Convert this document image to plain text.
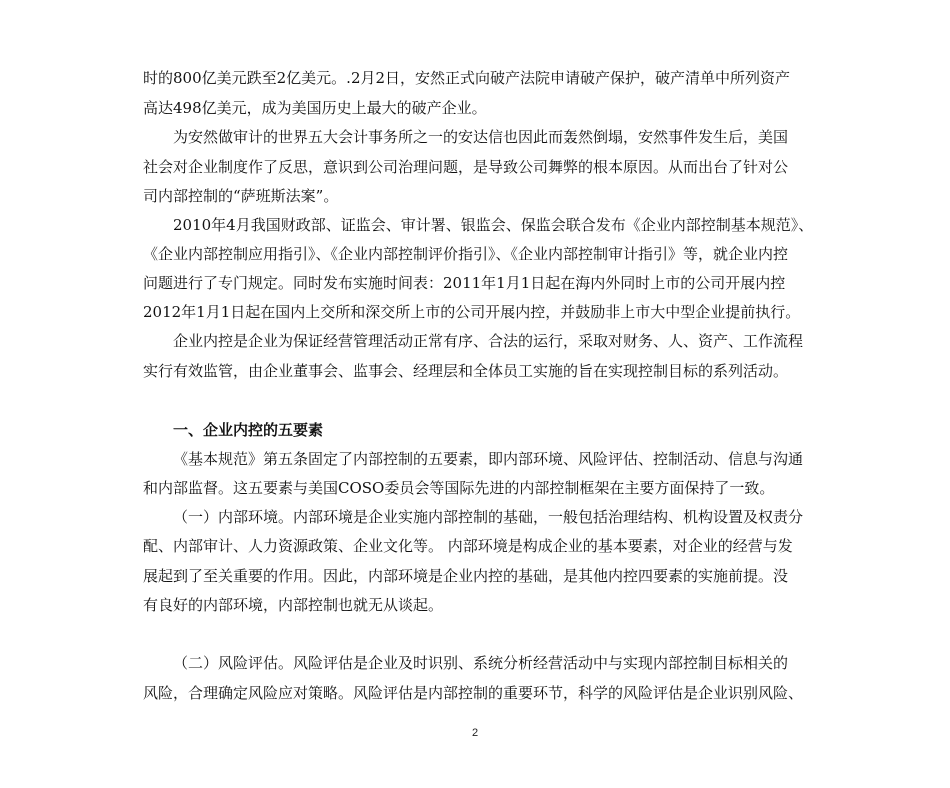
时的800亿美元跌至2亿美元。.2月2日，安然正式向破产法院申请破产保护，破产清单中所列资产
高达498亿美元，成为美国历史上最大的破产企业。
为安然做审计的世界五大会计事务所之一的安达信也因此而轰然倒塌，安然事件发生后，美国
社会对企业制度作了反思，意识到公司治理问题，是导致公司舞弊的根本原因。从而出台了针对公
司内部控制的“萨班斯法案”。
2010年4月我国财政部、证监会、审计署、银监会、保监会联合发布《企业内部控制基本规范》、
《企业内部控制应用指引》、《企业内部控制评价指引》、《企业内部控制审计指引》等，就企业内控
问题进行了专门规定。同时发布实施时间表：2011年1月1日起在海内外同时上市的公司开展内控
2012年1月1日起在国内上交所和深交所上市的公司开展内控，并鼓励非上市大中型企业提前执行。
企业内控是企业为保证经营管理活动正常有序、合法的运行，采取对财务、人、资产、工作流程
实行有效监管，由企业董事会、监事会、经理层和全体员工实施的旨在实现控制目标的系列活动。
一、企业内控的五要素
《基本规范》第五条固定了内部控制的五要素，即内部环境、风险评估、控制活动、信息与沟通
和内部监督。这五要素与美国COSO委员会等国际先进的内部控制框架在主要方面保持了一致。
（一）内部环境。内部环境是企业实施内部控制的基础，一般包括治理结构、机构设置及权责分
配、内部审计、人力资源政策、企业文化等。 内部环境是构成企业的基本要素，对企业的经营与发
展起到了至关重要的作用。因此，内部环境是企业内控的基础，是其他内控四要素的实施前提。没
有良好的内部环境，内部控制也就无从谈起。
（二）风险评估。风险评估是企业及时识别、系统分析经营活动中与实现内部控制目标相关的
风险，合理确定风险应对策略。风险评估是内部控制的重要环节，科学的风险评估是企业识别风险、
2
